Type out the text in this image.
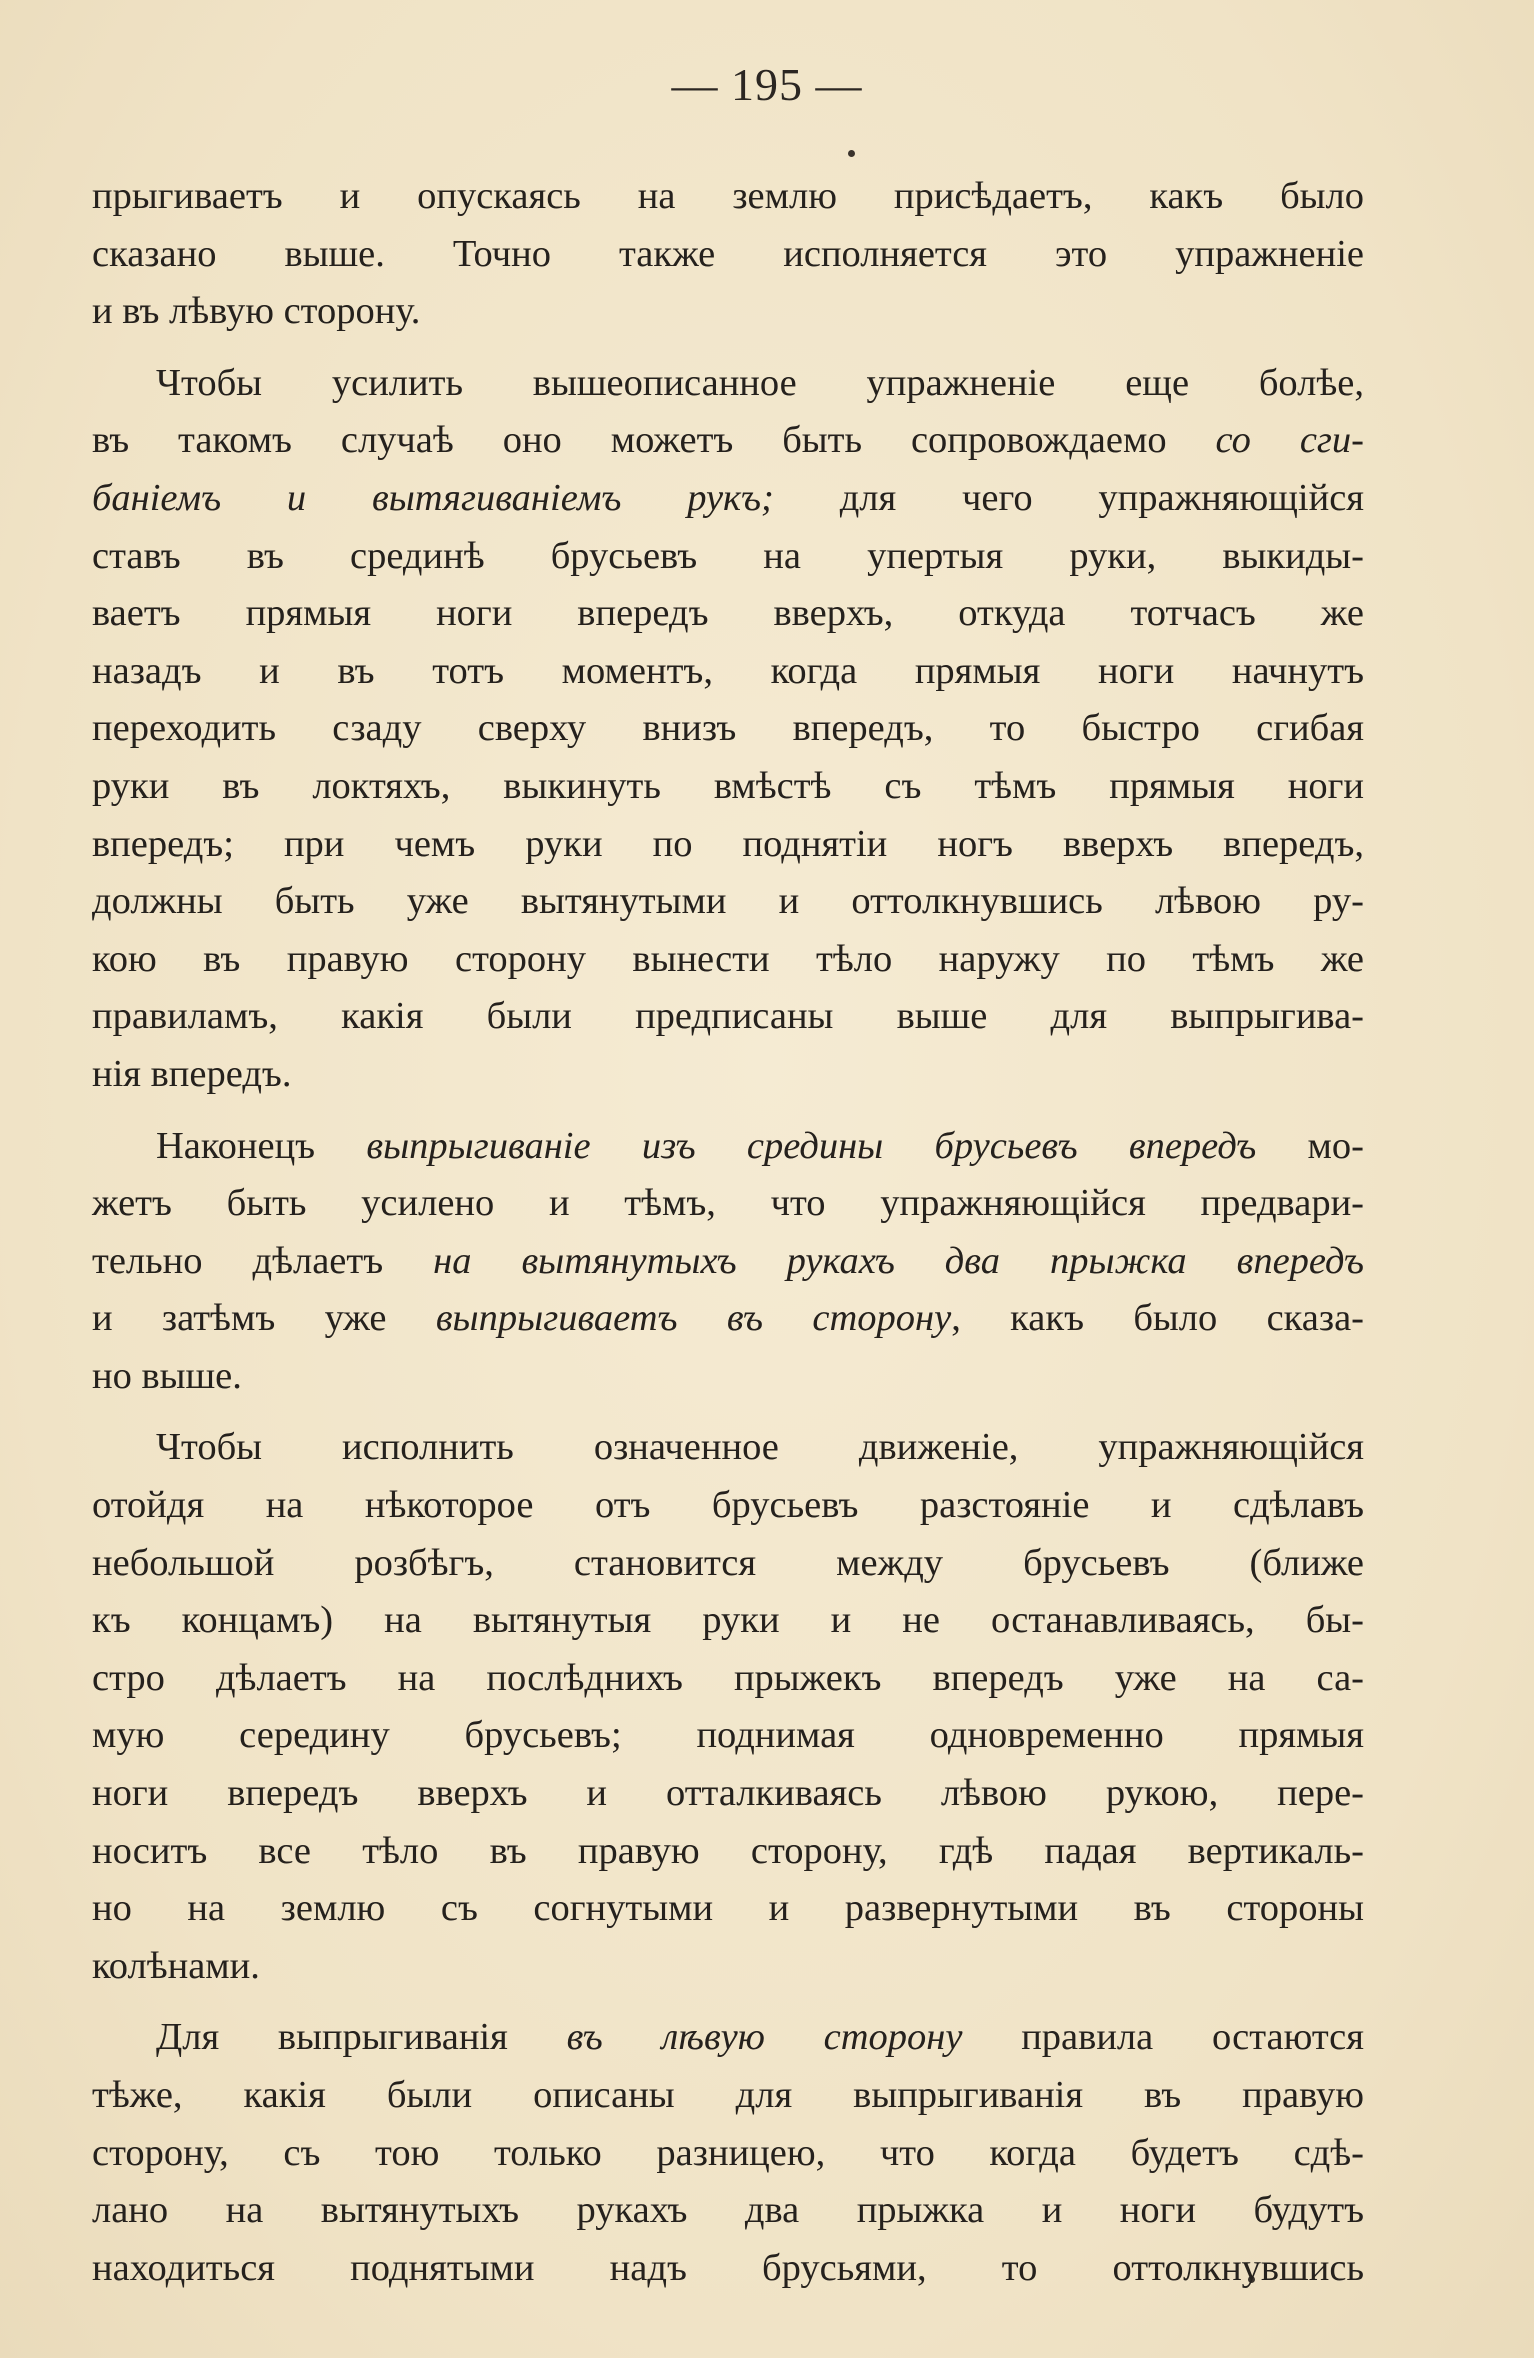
— 195 —

прыгиваетъ и опускаясь на землю присѣдаетъ, какъ было
сказано выше. Точно также исполняется это упражненіе
и въ лѣвую сторону.

Чтобы усилить вышеописанное упражненіе еще болѣе,
въ такомъ случаѣ оно можетъ быть сопровождаемо со сги-
баніемъ и вытягиваніемъ рукъ; для чего упражняющійся
ставъ въ срединѣ брусьевъ на упертыя руки, выкиды-
ваетъ прямыя ноги впередъ вверхъ, откуда тотчасъ же
назадъ и въ тотъ моментъ, когда прямыя ноги начнутъ
переходить сзаду сверху внизъ впередъ, то быстро сгибая
руки въ локтяхъ, выкинуть вмѣстѣ съ тѣмъ прямыя ноги
впередъ; при чемъ руки по поднятіи ногъ вверхъ впередъ,
должны быть уже вытянутыми и оттолкнувшись лѣвою ру-
кою въ правую сторону вынести тѣло наружу по тѣмъ же
правиламъ, какія были предписаны выше для выпрыгива-
нія впередъ.

Наконецъ выпрыгиваніе изъ средины брусьевъ впередъ мо-
жетъ быть усилено и тѣмъ, что упражняющійся предвари-
тельно дѣлаетъ на вытянутыхъ рукахъ два прыжка впередъ
и затѣмъ уже выпрыгиваетъ въ сторону, какъ было сказа-
но выше.

Чтобы исполнить означенное движеніе, упражняющійся
отойдя на нѣкоторое отъ брусьевъ разстояніе и сдѣлавъ
небольшой розбѣгъ, становится между брусьевъ (ближе
къ концамъ) на вытянутыя руки и не останавливаясь, бы-
стро дѣлаетъ на послѣднихъ прыжекъ впередъ уже на са-
мую середину брусьевъ; поднимая одновременно прямыя
ноги впередъ вверхъ и отталкиваясь лѣвою рукою, пере-
носитъ все тѣло въ правую сторону, гдѣ падая вертикаль-
но на землю съ согнутыми и развернутыми въ стороны
колѣнами.

Для выпрыгиванія въ лѣвую сторону правила остаются
тѣже, какія были описаны для выпрыгиванія въ правую
сторону, съ тою только разницею, что когда будетъ сдѣ-
лано на вытянутыхъ рукахъ два прыжка и ноги будутъ
находиться поднятыми надъ брусьями, то оттолкнувшись
